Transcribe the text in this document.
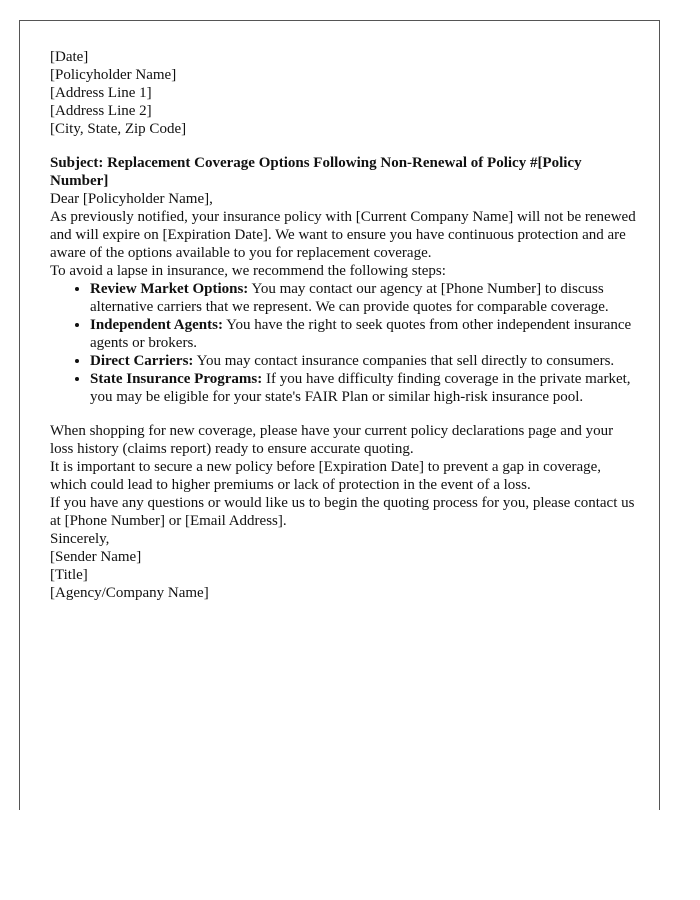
[Date]

[Policyholder Name]
[Address Line 1]
[Address Line 2]
[City, State, Zip Code]

Subject: Replacement Coverage Options Following Non-Renewal of Policy #[Policy Number]

Dear [Policyholder Name],

As previously notified, your insurance policy with [Current Company Name] will not be renewed and will expire on [Expiration Date]. We want to ensure you have continuous protection and are aware of the options available to you for replacement coverage.

To avoid a lapse in insurance, we recommend the following steps:

• Review Market Options: You may contact our agency at [Phone Number] to discuss alternative carriers that we represent. We can provide quotes for comparable coverage.
• Independent Agents: You have the right to seek quotes from other independent insurance agents or brokers.
• Direct Carriers: You may contact insurance companies that sell directly to consumers.
• State Insurance Programs: If you have difficulty finding coverage in the private market, you may be eligible for your state's FAIR Plan or similar high-risk insurance pool.

When shopping for new coverage, please have your current policy declarations page and your loss history (claims report) ready to ensure accurate quoting.

It is important to secure a new policy before [Expiration Date] to prevent a gap in coverage, which could lead to higher premiums or lack of protection in the event of a loss.

If you have any questions or would like us to begin the quoting process for you, please contact us at [Phone Number] or [Email Address].

Sincerely,

[Sender Name]
[Title]
[Agency/Company Name]
